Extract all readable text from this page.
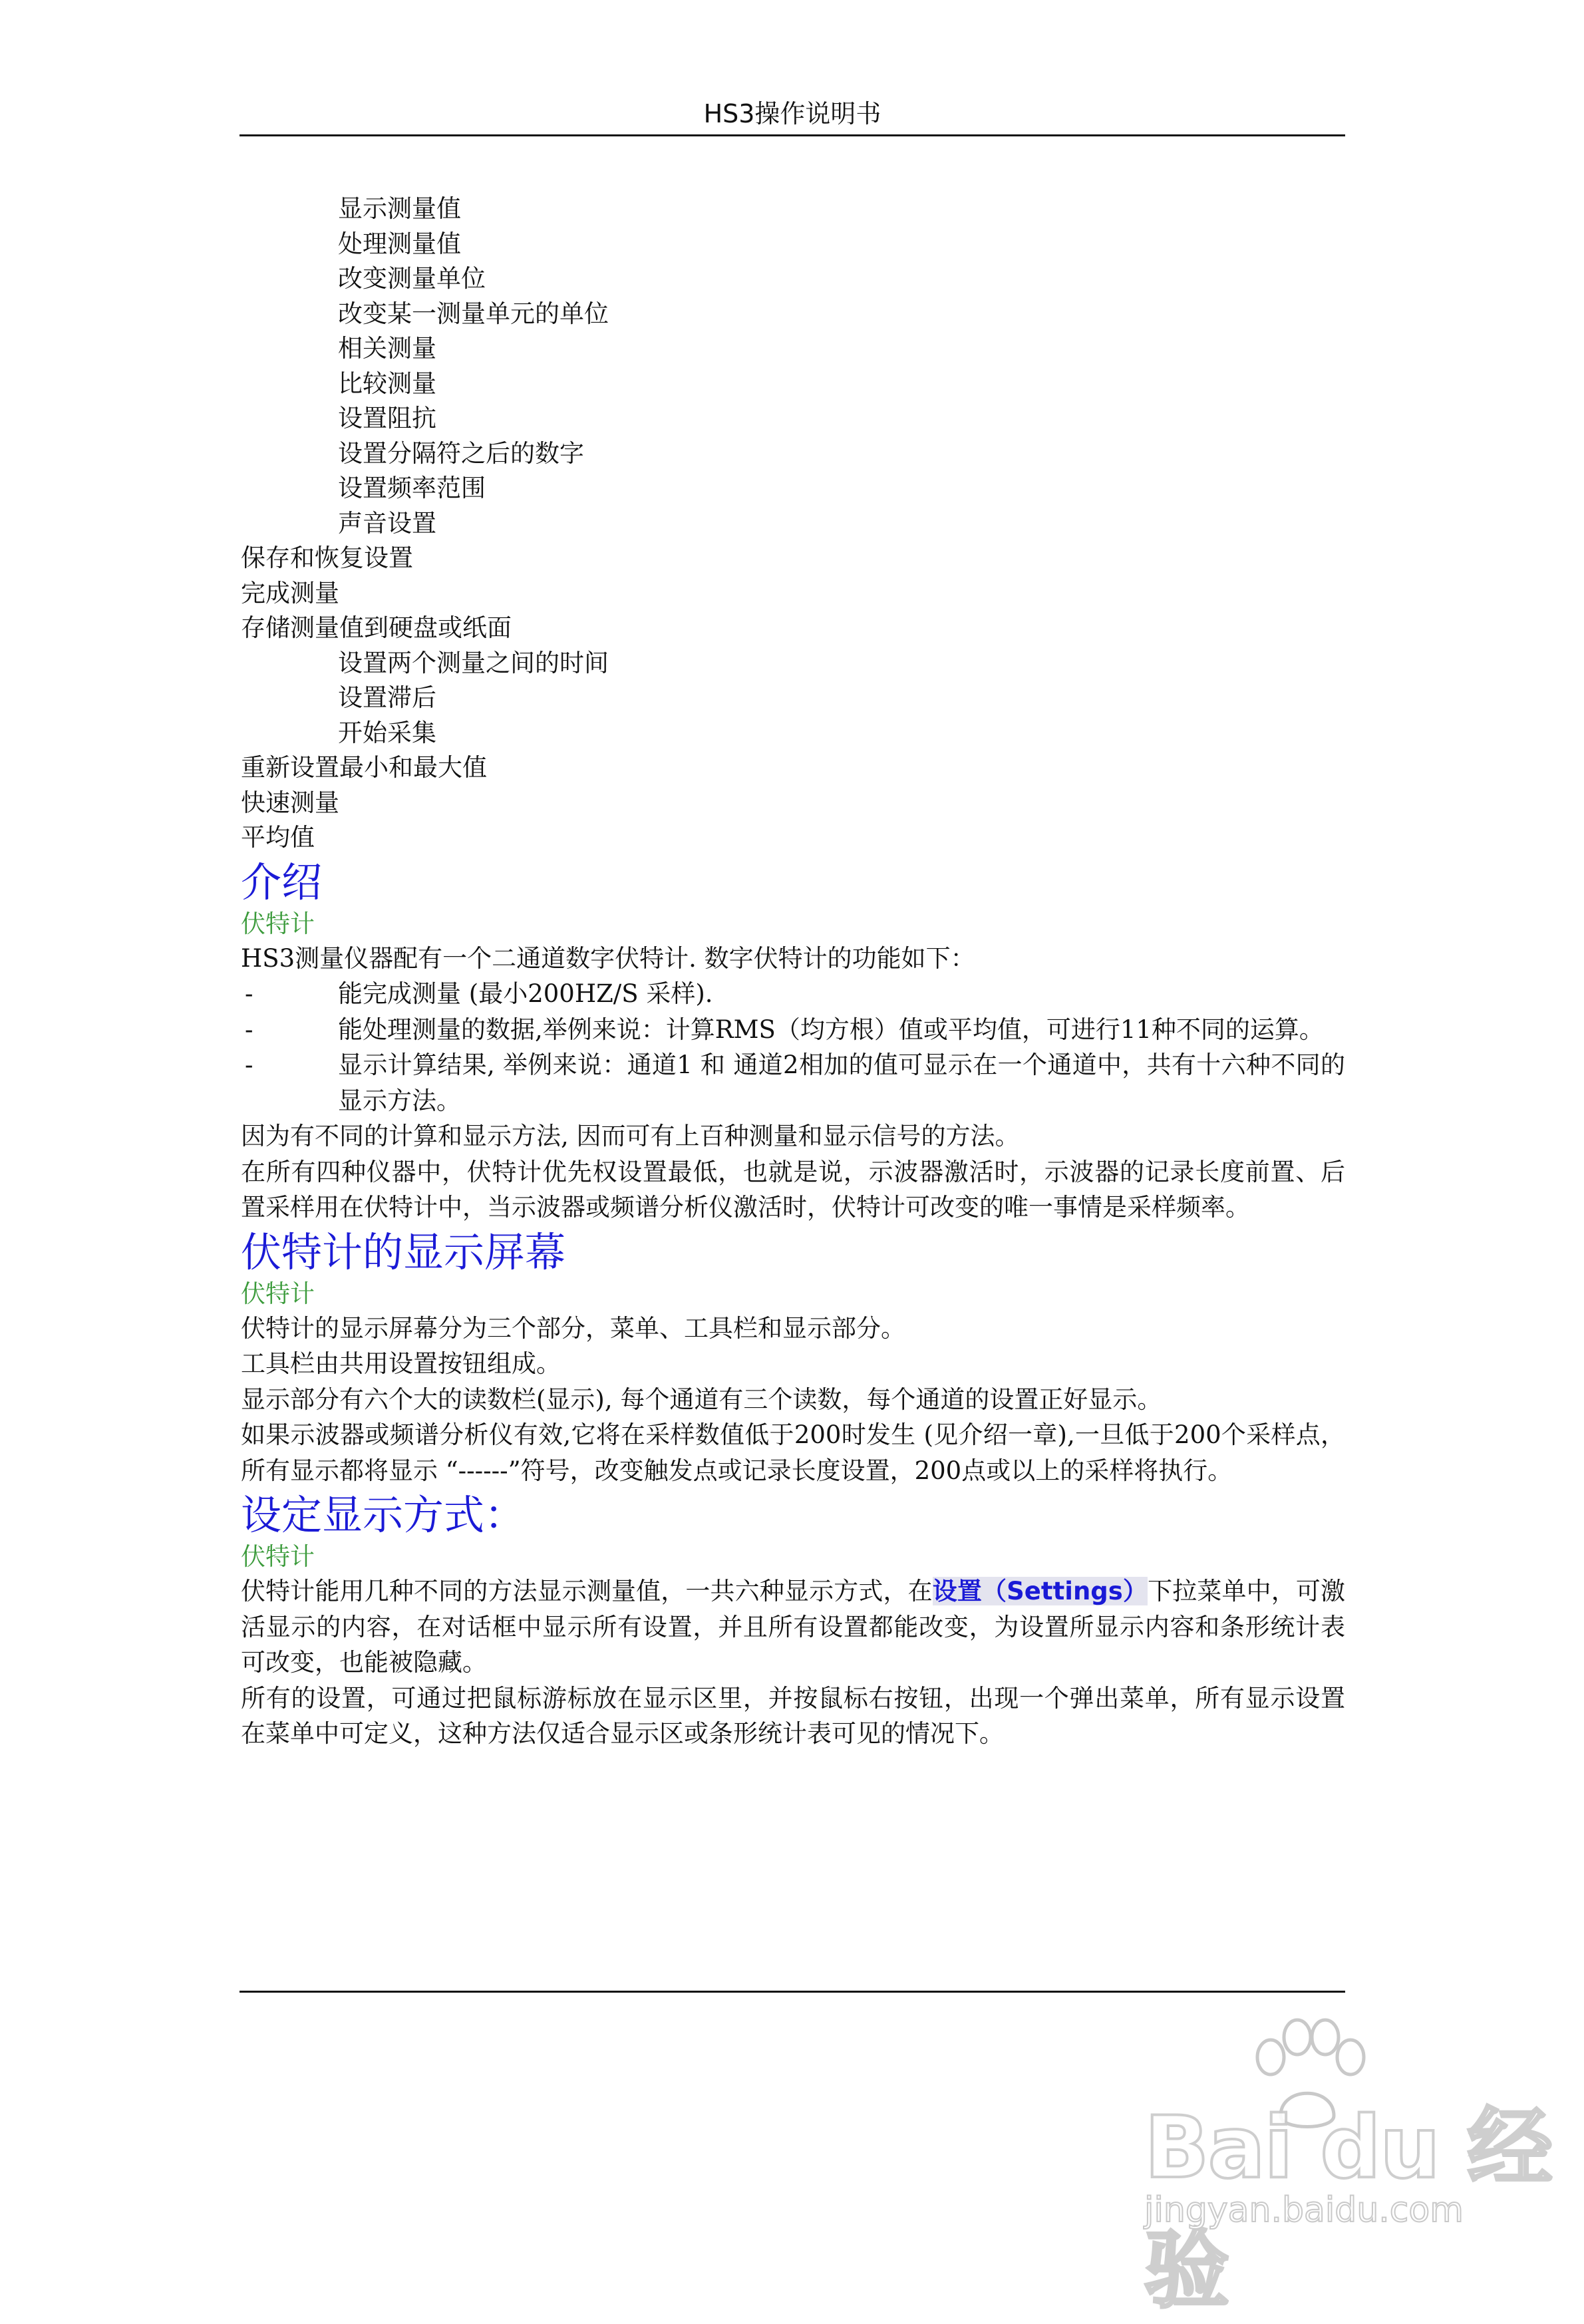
HS3操作说明书
显示测量值
处理测量值
改变测量单位
改变某一测量单元的单位
相关测量
比较测量
设置阻抗
设置分隔符之后的数字
设置频率范围
声音设置
保存和恢复设置
完成测量
存储测量值到硬盘或纸面
设置两个测量之间的时间
设置滞后
开始采集
重新设置最小和最大值
快速测量
平均值
介绍
伏特计
HS3测量仪器配有一个二通道数字伏特计. 数字伏特计的功能如下：
-	能完成测量 (最小200HZ/S 采样).
-	能处理测量的数据,举例来说：计算RMS（均方根）值或平均值，可进行11种不同的运算。
-	显示计算结果, 举例来说：通道1 和 通道2相加的值可显示在一个通道中，共有十六种不同的显示方法。
因为有不同的计算和显示方法, 因而可有上百种测量和显示信号的方法。
在所有四种仪器中，伏特计优先权设置最低，也就是说，示波器激活时，示波器的记录长度前置、后置采样用在伏特计中，当示波器或频谱分析仪激活时，伏特计可改变的唯一事情是采样频率。
伏特计的显示屏幕
伏特计
伏特计的显示屏幕分为三个部分，菜单、工具栏和显示部分。
工具栏由共用设置按钮组成。
显示部分有六个大的读数栏(显示), 每个通道有三个读数，每个通道的设置正好显示。
如果示波器或频谱分析仪有效,它将在采样数值低于200时发生 (见介绍一章),一旦低于200个采样点，所有显示都将显示 “------”符号，改变触发点或记录长度设置，200点或以上的采样将执行。
设定显示方式：
伏特计
伏特计能用几种不同的方法显示测量值，一共六种显示方式，在设置（Settings）下拉菜单中，可激活显示的内容，在对话框中显示所有设置，并且所有设置都能改变，为设置所显示内容和条形统计表可改变，也能被隐藏。
所有的设置，可通过把鼠标游标放在显示区里，并按鼠标右按钮，出现一个弹出菜单，所有显示设置在菜单中可定义，这种方法仅适合显示区或条形统计表可见的情况下。
Bai du 经验
jingyan.baidu.com
